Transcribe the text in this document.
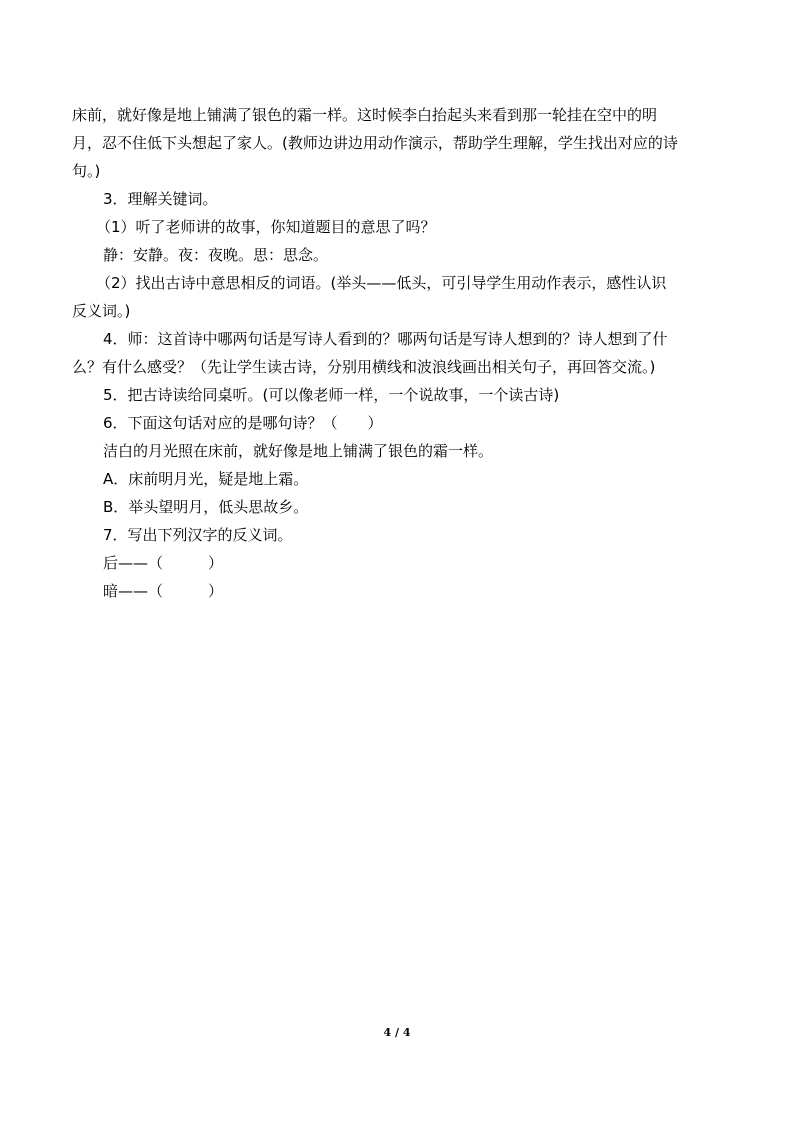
床前，就好像是地上铺满了银色的霜一样。这时候李白抬起头来看到那一轮挂在空中的明
月，忍不住低下头想起了家人。(教师边讲边用动作演示，帮助学生理解，学生找出对应的诗
句。)
3．理解关键词。
（1）听了老师讲的故事，你知道题目的意思了吗？
静：安静。夜：夜晚。思：思念。
（2）找出古诗中意思相反的词语。(举头——低头，可引导学生用动作表示，感性认识
反义词。)
4．师：这首诗中哪两句话是写诗人看到的？哪两句话是写诗人想到的？诗人想到了什
么？有什么感受？（先让学生读古诗，分别用横线和波浪线画出相关句子，再回答交流。)
5．把古诗读给同桌听。(可以像老师一样，一个说故事，一个读古诗)
6．下面这句话对应的是哪句诗？（　　）
洁白的月光照在床前，就好像是地上铺满了银色的霜一样。
A．床前明月光，疑是地上霜。
B．举头望明月，低头思故乡。
7．写出下列汉字的反义词。
后——（　　　）
暗——（　　　）
4 / 4
